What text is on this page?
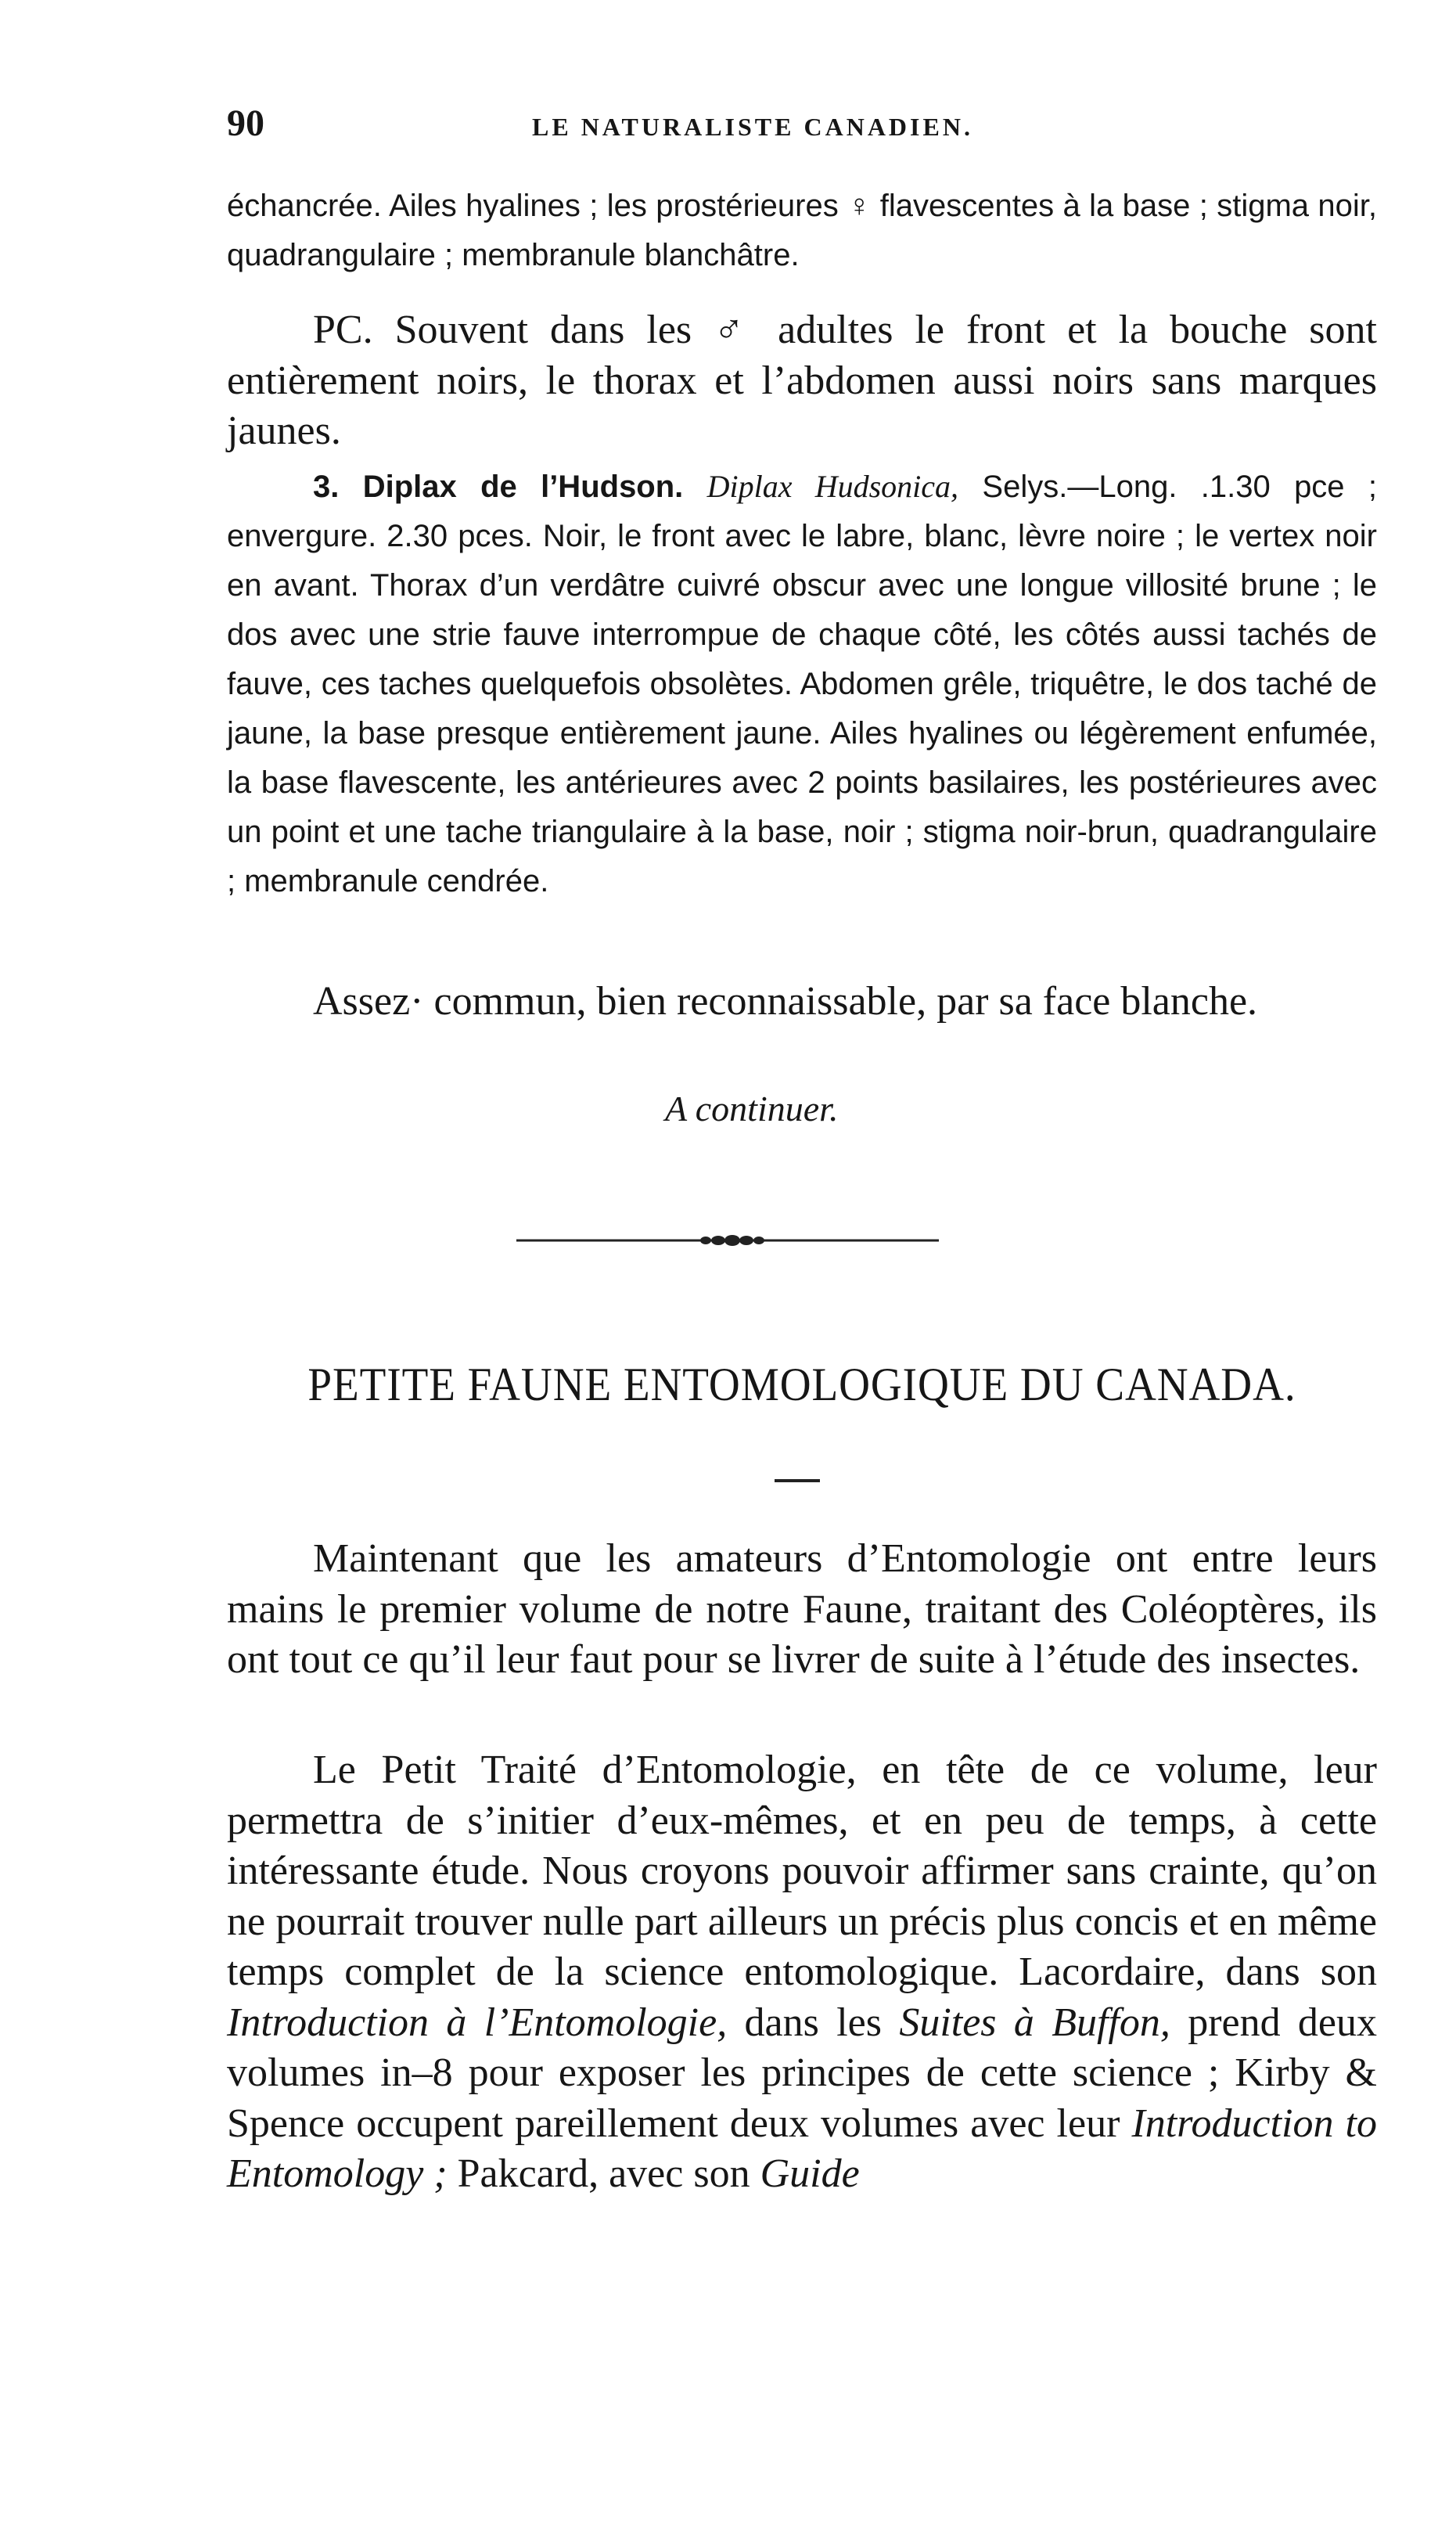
90	LE NATURALISTE CANADIEN.

échancrée. Ailes hyalines ; les prostérieures ♀ flavescentes à la base ; stigma noir, quadrangulaire ; membranule blanchâtre.

PC. Souvent dans les ♂ adultes le front et la bouche sont entièrement noirs, le thorax et l’abdomen aussi noirs sans marques jaunes.

3. Diplax de l’Hudson. Diplax Hudsonica, Selys.—Long. .1.30 pce ; envergure. 2.30 pces. Noir, le front avec le labre, blanc, lèvre noire ; le vertex noir en avant. Thorax d’un verdâtre cuivré obscur avec une longue villosité brune ; le dos avec une strie fauve interrompue de chaque côté, les côtés aussi tachés de fauve, ces taches quelquefois obsolètes. Abdomen grêle, triquêtre, le dos taché de jaune, la base presque entièrement jaune. Ailes hyalines ou légèrement enfumée, la base flavescente, les antérieures avec 2 points basilaires, les postérieures avec un point et une tache triangulaire à la base, noir ; stigma noir-brun, quadrangulaire ; membranule cendrée.

Assez· commun, bien reconnaissable, par sa face blanche.

A continuer.
PETITE FAUNE ENTOMOLOGIQUE DU CANADA.

Maintenant que les amateurs d’Entomologie ont entre leurs mains le premier volume de notre Faune, traitant des Coléoptères, ils ont tout ce qu’il leur faut pour se livrer de suite à l’étude des insectes.

Le Petit Traité d’Entomologie, en tête de ce volume, leur permettra de s’initier d’eux-mêmes, et en peu de temps, à cette intéressante étude. Nous croyons pouvoir affirmer sans crainte, qu’on ne pourrait trouver nulle part ailleurs un précis plus concis et en même temps complet de la science entomologique. Lacordaire, dans son Introduction à l’Entomologie, dans les Suites à Buffon, prend deux volumes in–8 pour exposer les principes de cette science ; Kirby & Spence occupent pareillement deux volumes avec leur Introduction to Entomology ; Pakcard, avec son Guide
